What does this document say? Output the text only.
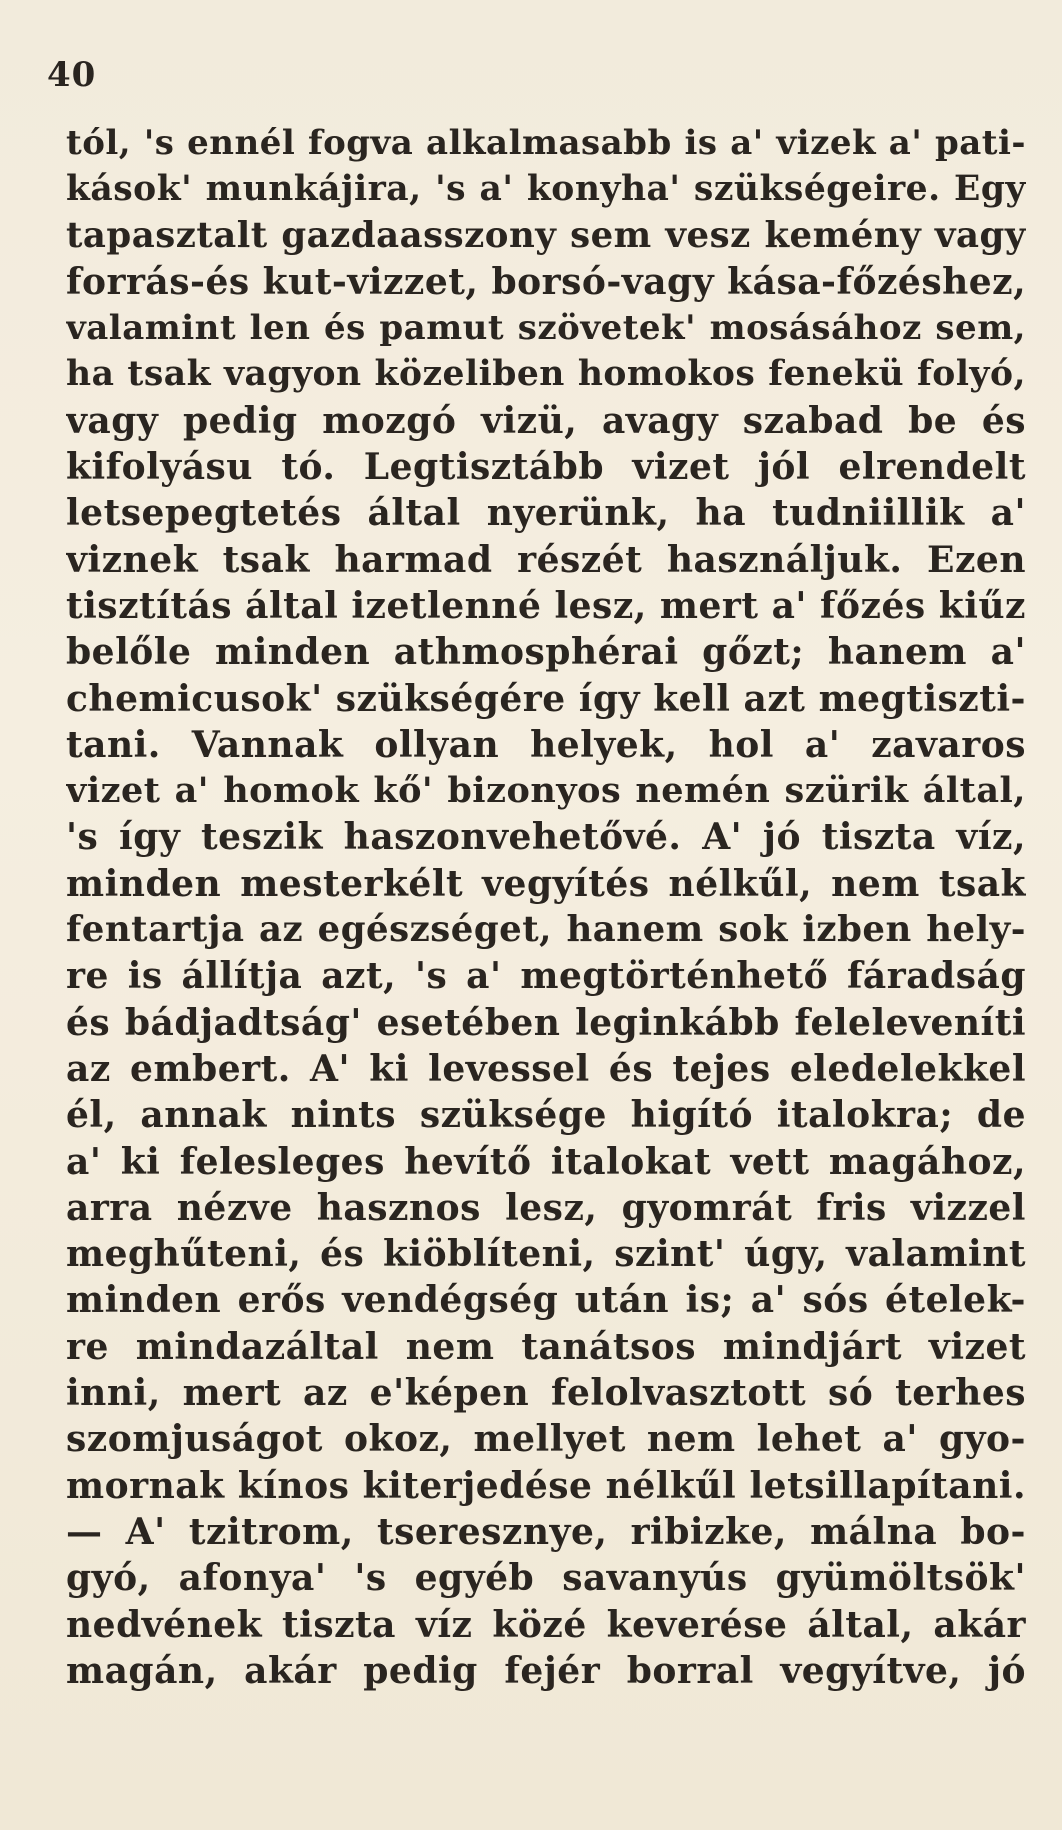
40
tól, 's ennél fogva alkalmasabb is a' vizek a' pati-
kások' munkájira, 's a' konyha' szükségeire. Egy
tapasztalt gazdaasszony sem vesz kemény vagy
forrás-és kut-vizzet, borsó-vagy kása-főzéshez,
valamint len és pamut szövetek' mosásához sem,
ha tsak vagyon közeliben homokos fenekü folyó,
vagy pedig mozgó vizü, avagy szabad be és
kifolyásu tó. Legtisztább vizet jól elrendelt
letsepegtetés által nyerünk, ha tudniillik a'
viznek tsak harmad részét használjuk. Ezen
tisztítás által izetlenné lesz, mert a' főzés kiűz
belőle minden athmosphérai gőzt; hanem a'
chemicusok' szükségére így kell azt megtiszti-
tani. Vannak ollyan helyek, hol a' zavaros
vizet a' homok kő' bizonyos nemén szürik által,
's így teszik haszonvehetővé. A' jó tiszta víz,
minden mesterkélt vegyítés nélkűl, nem tsak
fentartja az egészséget, hanem sok izben hely-
re is állítja azt, 's a' megtörténhető fáradság
és bádjadtság' esetében leginkább feleleveníti
az embert. A' ki levessel és tejes eledelekkel
él, annak nints szüksége higító italokra; de
a' ki felesleges hevítő italokat vett magához,
arra nézve hasznos lesz, gyomrát fris vizzel
meghűteni, és kiöblíteni, szint' úgy, valamint
minden erős vendégség után is; a' sós ételek-
re mindazáltal nem tanátsos mindjárt vizet
inni, mert az e'képen felolvasztott só terhes
szomjuságot okoz, mellyet nem lehet a' gyo-
mornak kínos kiterjedése nélkűl letsillapítani.
— A' tzitrom, tseresznye, ribizke, málna bo-
gyó, afonya' 's egyéb savanyús gyümöltsök'
nedvének tiszta víz közé keverése által, akár
magán, akár pedig fejér borral vegyítve, jó
